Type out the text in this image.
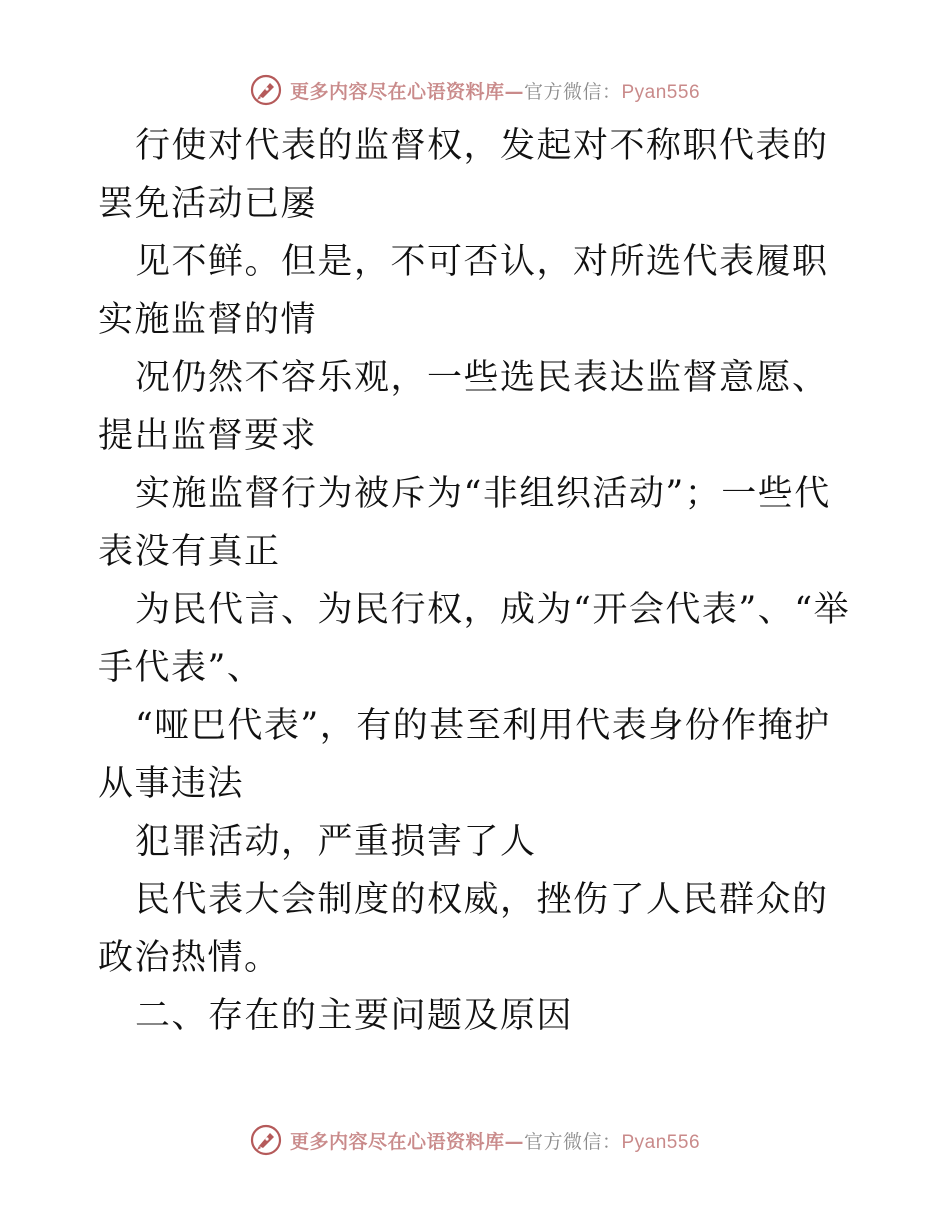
更多内容尽在心语资料库—官方微信：Pyan556

行使对代表的监督权，发起对不称职代表的罢免活动已屡

见不鲜。但是，不可否认，对所选代表履职实施监督的情

况仍然不容乐观，一些选民表达监督意愿、提出监督要求

实施监督行为被斥为“非组织活动”；一些代表没有真正

为民代言、为民行权，成为“开会代表”、“举手代表”、

“哑巴代表”，有的甚至利用代表身份作掩护从事违法

犯罪活动，严重损害了人

民代表大会制度的权威，挫伤了人民群众的政治热情。

二、存在的主要问题及原因

更多内容尽在心语资料库—官方微信：Pyan556
